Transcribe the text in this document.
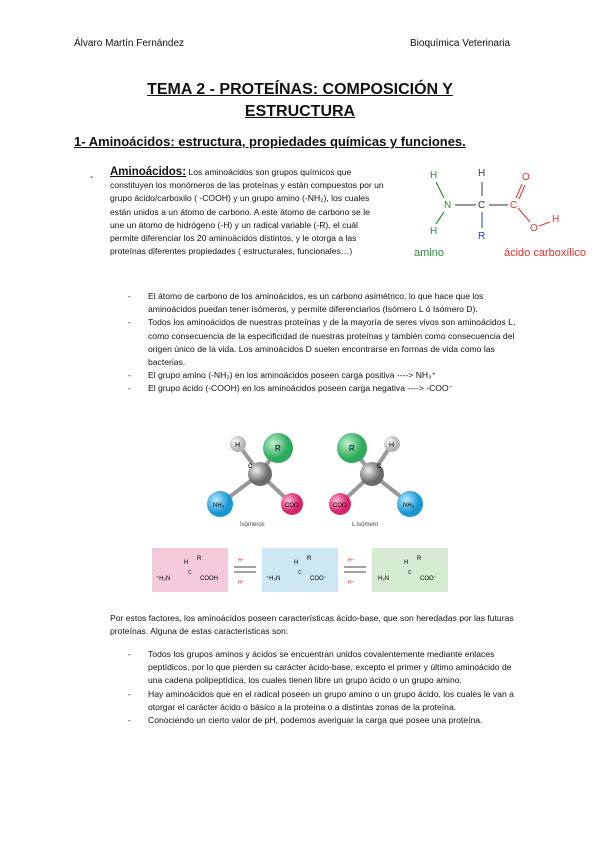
Álvaro Martín Fernández	Bioquímica Veterinaria
TEMA 2 - PROTEÍNAS: COMPOSICIÓN Y
ESTRUCTURA
1- Aminoácidos: estructura, propiedades químicas y funciones.
- Aminoácidos: Los aminoácidos son grupos químicos que constituyen los monómeros de las proteínas y están compuestos por un grupo ácido/carboxilo ( -COOH) y un grupo amino (-NH₂), los cuales están unidos a un átomo de carbono. A este átomo de carbono se le une un átomo de hidrógeno (-H) y un radical variable (-R), el cuál permite diferenciar los 20 aminoácidos distintos, y le otorga a las proteínas diferentes propiedades ( estructurales, funcionales…)
H
N
H
C
H
R
C
O
O
H
amino	ácido carboxílico
- El átomo de carbono de los aminoácidos, es un carbono asimétrico, lo que hace que los aminoácidos puedan tener isómeros, y permite diferenciarlos (Isómero L ó Isómero D).
- Todos los aminoácidos de nuestras proteínas y de la mayoría de seres vivos son aminoácidos L, como consecuencia de la especificidad de nuestras proteínas y también como consecuencia del origen único de la vida. Los aminoácidos D suelen encontrarse en formas de vida como las bacterias.
- El grupo amino (-NH₂) en los aminoácidos poseen carga positiva ----> NH₃⁺
- El grupo ácido (-COOH) en los aminoácidos poseen carga negativa ----> -COO⁻
H	R
C
NH₃	COO
H
R
C
COO	NH₃
Isómeros	L isómero
H
R
⁺H₃N
C
COOH
H⁺
H⁺
H
R
⁺H₃N
C
COO⁻
H⁺
H⁺
H
R
H₂N
C
COO⁻
Por estos factores, los aminoácidos poseen características ácido-base, que son heredadas por las futuras proteínas. Alguna de estas características son:
- Todos los grupos aminos y ácidos se encuentran unidos covalentemente mediante enlaces peptídicos, por lo que pierden su carácter ácido-base, excepto el primer y último aminoácido de una cadena polipeptídica, los cuales tienen libre un grupo ácido o un grupo amino.
- Hay aminoácidos que en el radical poseen un grupo amino o un grupo ácido, los cuales le van a otorgar el carácter ácido o básico a la proteína o a distintas zonas de la proteína.
- Conociendo un cierto valor de pH, podemos averiguar la carga que posee una proteína.
